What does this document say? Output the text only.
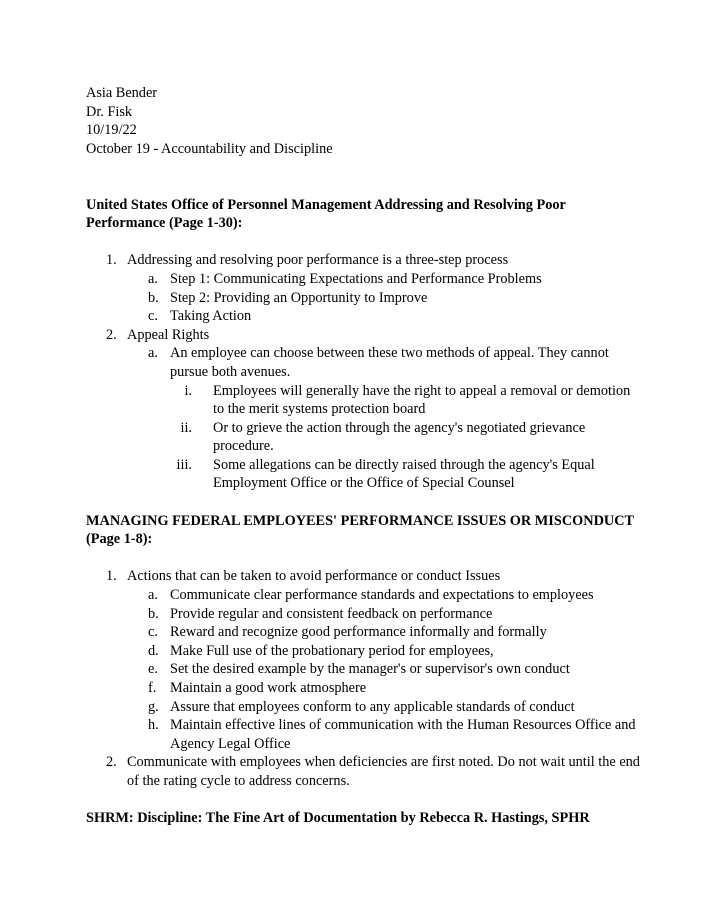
Asia Bender
Dr. Fisk
10/19/22
October 19 - Accountability and Discipline
United States Office of Personnel Management Addressing and Resolving Poor
Performance (Page 1-30):
1. Addressing and resolving poor performance is a three-step process
a. Step 1: Communicating Expectations and Performance Problems
b. Step 2: Providing an Opportunity to Improve
c. Taking Action
2. Appeal Rights
a. An employee can choose between these two methods of appeal. They cannot
pursue both avenues.
i.	Employees will generally have the right to appeal a removal or demotion
to the merit systems protection board
ii.	Or to grieve the action through the agency's negotiated grievance
procedure.
iii.	Some allegations can be directly raised through the agency's Equal
Employment Office or the Office of Special Counsel
MANAGING FEDERAL EMPLOYEES' PERFORMANCE ISSUES OR MISCONDUCT
(Page 1-8):
1. Actions that can be taken to avoid performance or conduct Issues
a. Communicate clear performance standards and expectations to employees
b. Provide regular and consistent feedback on performance
c. Reward and recognize good performance informally and formally
d. Make Full use of the probationary period for employees,
e. Set the desired example by the manager's or supervisor's own conduct
f. Maintain a good work atmosphere
g. Assure that employees conform to any applicable standards of conduct
h. Maintain effective lines of communication with the Human Resources Office and
Agency Legal Office
2. Communicate with employees when deficiencies are first noted. Do not wait until the end
of the rating cycle to address concerns.
SHRM: Discipline: The Fine Art of Documentation by Rebecca R. Hastings, SPHR
